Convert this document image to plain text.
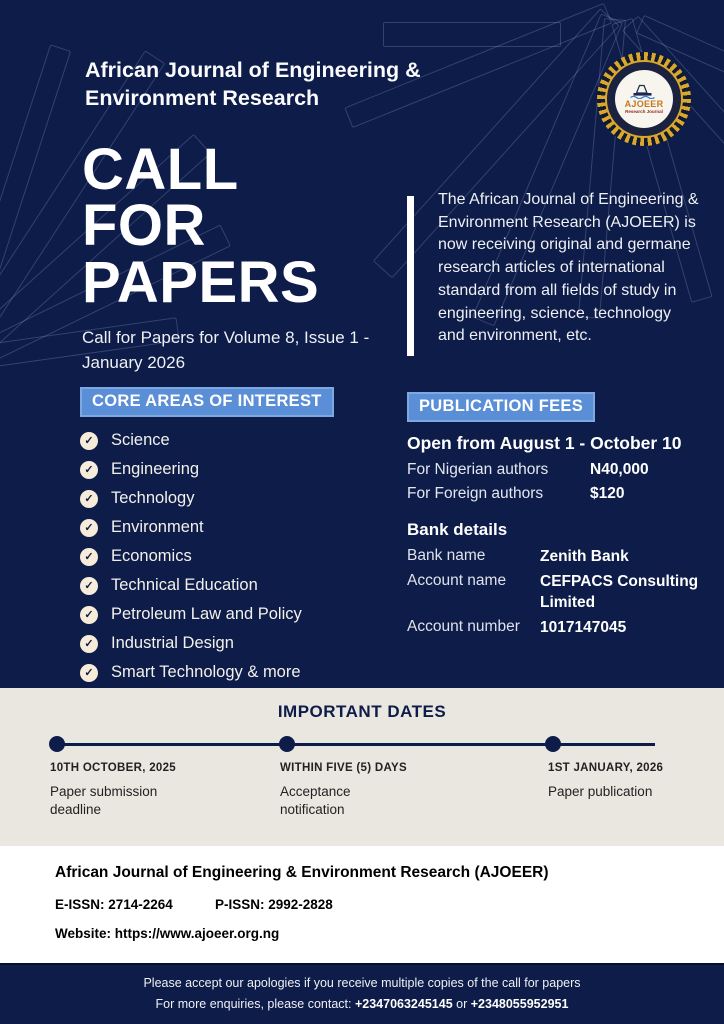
African Journal of Engineering & Environment Research	AJOEER
Research Journal
CALL
FOR
PAPERS

Call for Papers for Volume 8, Issue 1 - January 2026

The African Journal of Engineering & Environment Research (AJOEER) is now receiving original and germane research articles of international standard from all fields of study in engineering, science, technology and environment, etc.

CORE AREAS OF INTEREST
✓ Science
✓ Engineering
✓ Technology
✓ Environment
✓ Economics
✓ Technical Education
✓ Petroleum Law and Policy
✓ Industrial Design
✓ Smart Technology & more
PUBLICATION FEES
Open from August 1 - October 10
For Nigerian authors	N40,000
For Foreign authors	$120
Bank details
Bank name	Zenith Bank
Account name	CEFPACS Consulting Limited
Account number	1017147045
IMPORTANT DATES
10TH OCTOBER, 2025
Paper submission deadline
WITHIN FIVE (5) DAYS
Acceptance notification
1ST JANUARY, 2026
Paper publication
African Journal of Engineering & Environment Research (AJOEER)
E-ISSN: 2714-2264	P-ISSN: 2992-2828
Website: https://www.ajoeer.org.ng
Please accept our apologies if you receive multiple copies of the call for papers
For more enquiries, please contact: +2347063245145 or +2348055952951
